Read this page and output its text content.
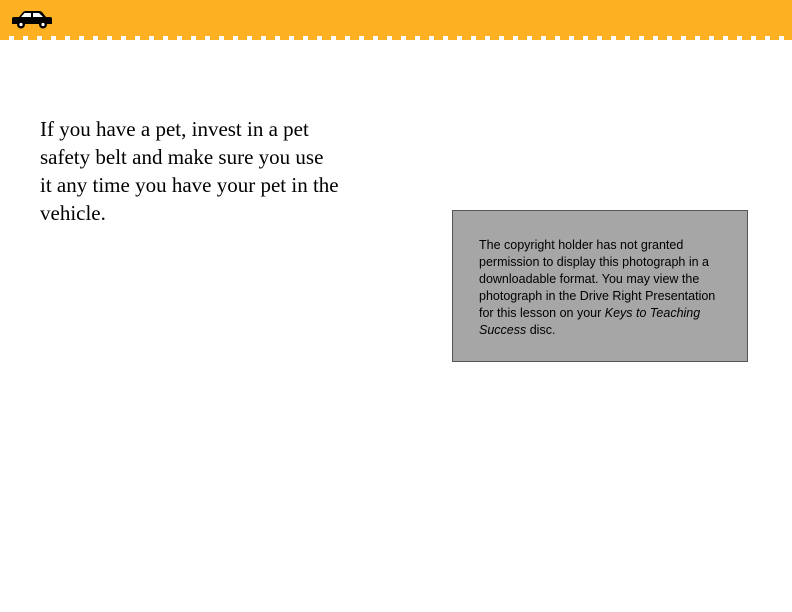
If you have a pet, invest in a pet safety belt and make sure you use it any time you have your pet in the vehicle.

The copyright holder has not granted permission to display this photograph in a downloadable format. You may view the photograph in the Drive Right Presentation for this lesson on your Keys to Teaching Success disc.
